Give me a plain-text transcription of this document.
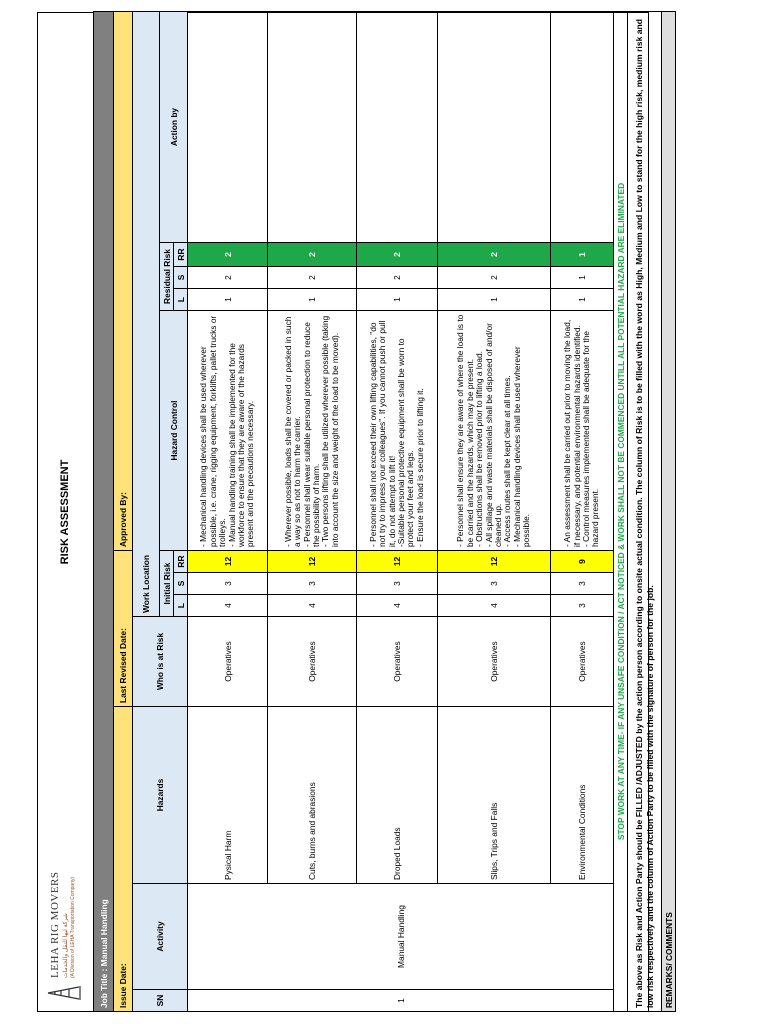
LEHA RIG MOVERS شركة ليها للنقل والخدمات (A Division of LEHA Transportation Company)
RISK ASSESSMENT
Job Title : Manual Handling											
Issue Date:			Last Revised Date:				Approved By:				
SN	Activity	Hazards	Who is at Risk	Work Location							
				Initial Risk			Hazard Control	Residual Risk			Action by
				L	S	RR		L	S	RR	
1	Manual Handling	Pysical Harm	Operatives	4	3	12	- Mechanical handling devices shall be used wherever possible, i.e. crane, rigging equipment, forklifts, pallet trucks or trolleys. - Manual handling training shall be implemented for the workforce to ensure that they are aware of the hazards present and the precautions necessary.	1	2	2	
		Cuts, burns and abrasions	Operatives	4	3	12	- Wherever possible, loads shall be covered or packed in such a way so as not to harm the carrier. - Personnel shall wear suitable personal protection to reduce the possibility of harm. - Two persons lifting shall be utilized wherever possible (taking into account the size and weight of the load to be moved).	1	2	2	
		Droped Loads	Operatives	4	3	12	- Personnel shall not exceed their own lifting capabilities, "do not try to impress your colleagues". If you cannot push or pull it, do not attempt to lift it! -Suitable personal protective equipment shall be worn to protect your feet and legs. - Ensure the load is secure prior to lifting it.	1	2	2	
		Slips, Trips and Falls	Operatives	4	3	12	- Personnel shall ensure they are aware of where the load is to be carried and the hazards, which may be present. - Obstructions shall be removed prior to lifting a load. - All spillage and waste materials shall be disposed of and/or cleaned up. - Access routes shall be kept clear at all times. - Mechanical handling devices shall be used wherever possible.	1	2	2	
		Environmental Conditions	Operatives	3	3	9	- An assessment shall be carried out prior to moving the load, if necessary, and potential environmental hazards identified. - Control measures implemented shall be adequate for the hazard present.	1	1	1	
STOP WORK AT ANY TIME- IF ANY UNSAFE CONDITION / ACT NOTICED & WORK SHALL NOT BE COMMENCED UNTILL ALL POTENTIAL HAZARD ARE ELIMINATED											
The above as Risk and Action Party should be FILLED /ADJUSTED by the action person according to onsite actual condition. The column of Risk is to be filled with the word as High, Medium and Low to stand for the high risk, medium risk and low risk respectively and the column of Action Party to be filled with the signature of person for the job.											
REMARKS/ COMMENTS											
